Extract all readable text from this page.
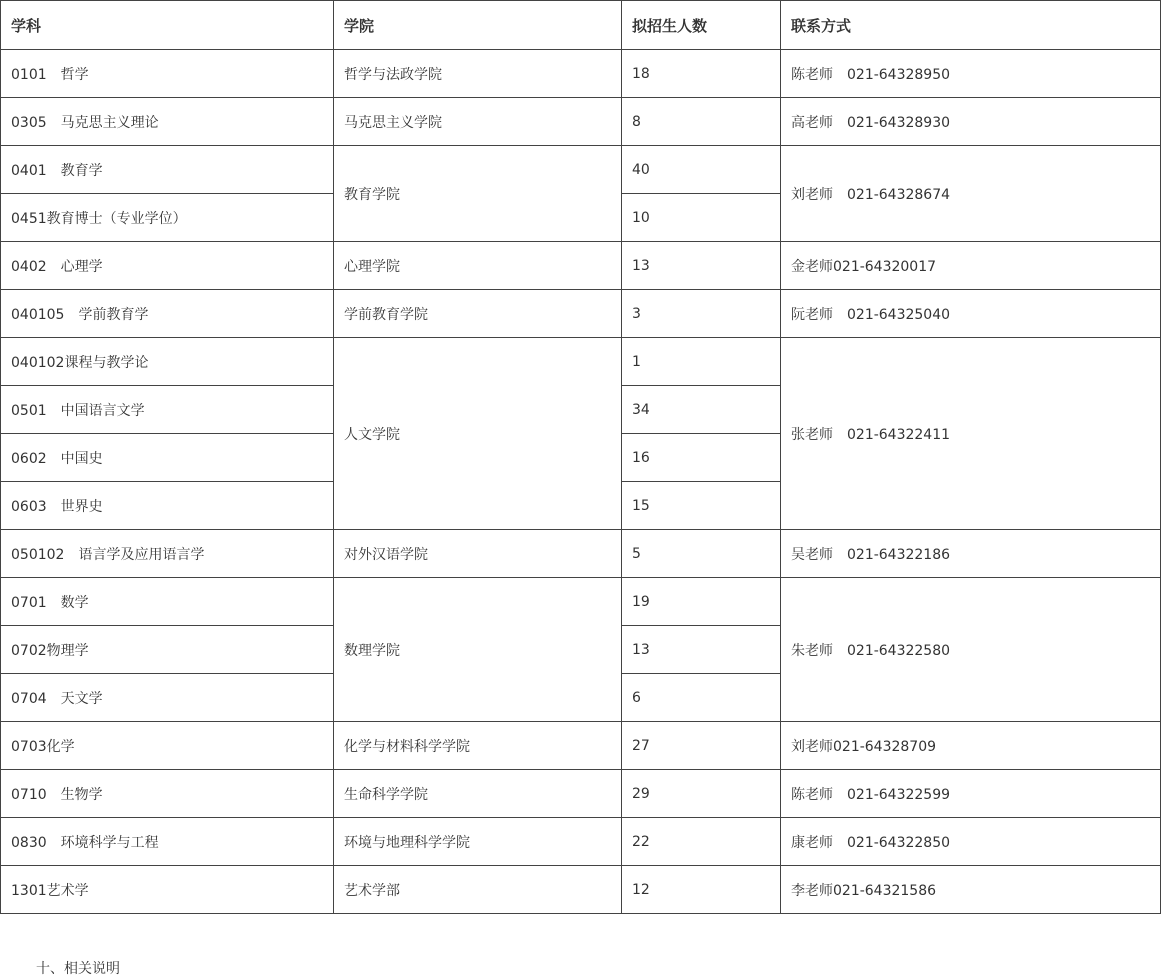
学科	学院	拟招生人数	联系方式
0101　哲学	哲学与法政学院	18	陈老师　021-64328950
0305　马克思主义理论	马克思主义学院	8	高老师　021-64328930
0401　教育学	教育学院	40	刘老师　021-64328674
0451教育博士（专业学位）		10	
0402　心理学	心理学院	13	金老师021-64320017
040105　学前教育学	学前教育学院	3	阮老师　021-64325040
040102课程与教学论	人文学院	1	张老师　021-64322411
0501　中国语言文学		34	
0602　中国史		16	
0603　世界史		15	
050102　语言学及应用语言学	对外汉语学院	5	吴老师　021-64322186
0701　数学	数理学院	19	朱老师　021-64322580
0702物理学		13	
0704　天文学		6	
0703化学	化学与材料科学学院	27	刘老师021-64328709
0710　生物学	生命科学学院	29	陈老师　021-64322599
0830　环境科学与工程	环境与地理科学学院	22	康老师　021-64322850
1301艺术学	艺术学部	12	李老师021-64321586
十、相关说明
